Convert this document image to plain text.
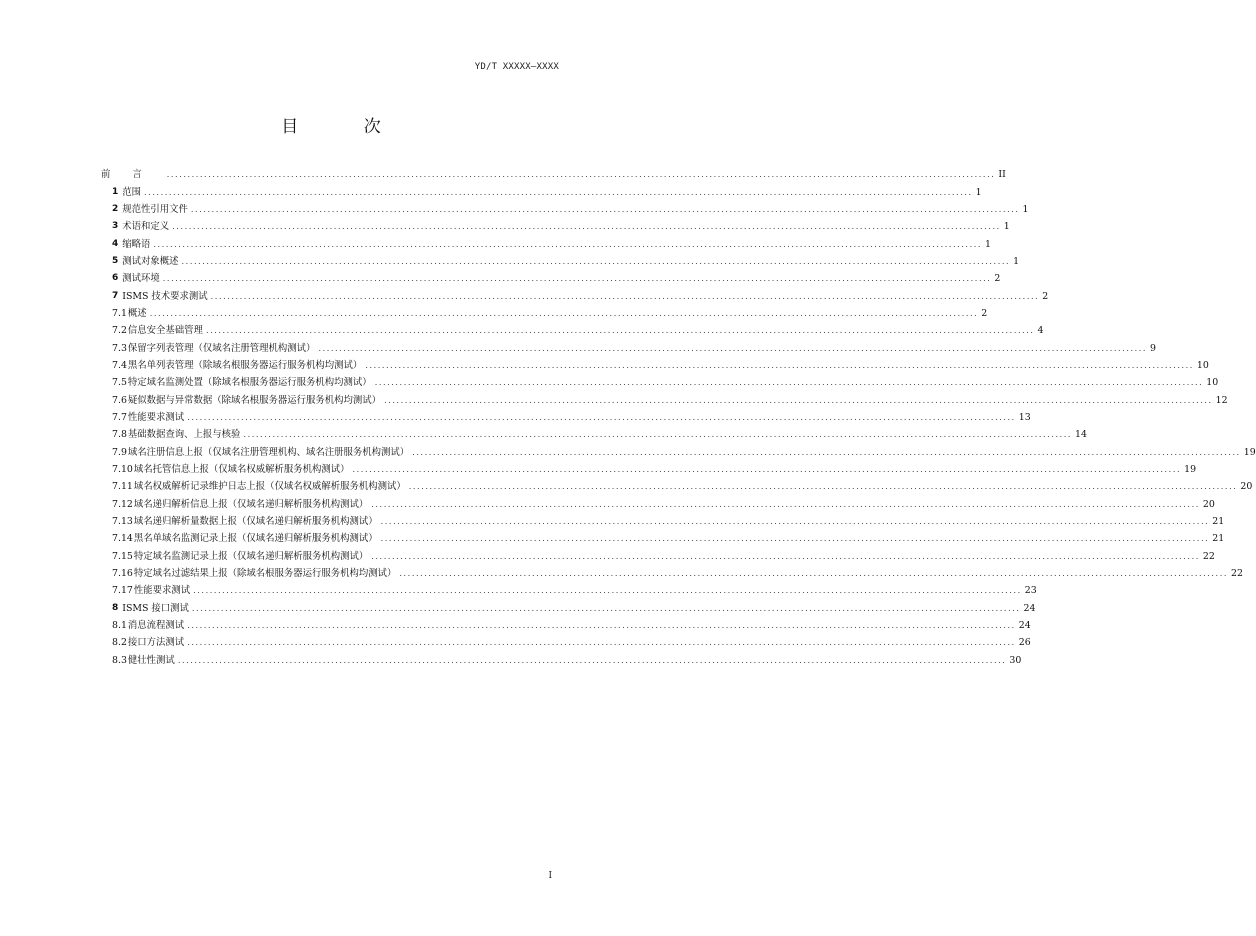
YD/T XXXXX—XXXX
目 次
前言 ........................................................................................................................................................................................................ II
1 范围 ........................................................................................................................................................................................................ 1
2 规范性引用文件 ........................................................................................................................................................................................................ 1
3 术语和定义 ........................................................................................................................................................................................................ 1
4 缩略语 ........................................................................................................................................................................................................ 1
5 测试对象概述 ........................................................................................................................................................................................................ 1
6 测试环境 ........................................................................................................................................................................................................ 2
7 ISMS 技术要求测试 ........................................................................................................................................................................................................ 2
7.1 概述 ........................................................................................................................................................................................................ 2
7.2 信息安全基础管理 ........................................................................................................................................................................................................ 4
7.3 保留字列表管理（仅域名注册管理机构测试） ........................................................................................................................................................................................................ 9
7.4 黑名单列表管理（除域名根服务器运行服务机构均测试） ........................................................................................................................................................................................................ 10
7.5 特定域名监测处置（除域名根服务器运行服务机构均测试） ........................................................................................................................................................................................................ 10
7.6 疑似数据与异常数据（除域名根服务器运行服务机构均测试） ........................................................................................................................................................................................................ 12
7.7 性能要求测试 ........................................................................................................................................................................................................ 13
7.8 基础数据查询、上报与核验 ........................................................................................................................................................................................................ 14
7.9 域名注册信息上报（仅域名注册管理机构、域名注册服务机构测试） ........................................................................................................................................................................................................ 19
7.10 域名托管信息上报（仅域名权威解析服务机构测试） ........................................................................................................................................................................................................ 19
7.11 域名权威解析记录维护日志上报（仅域名权威解析服务机构测试） ........................................................................................................................................................................................................ 20
7.12 域名递归解析信息上报（仅域名递归解析服务机构测试） ........................................................................................................................................................................................................ 20
7.13 域名递归解析量数据上报（仅域名递归解析服务机构测试） ........................................................................................................................................................................................................ 21
7.14 黑名单域名监测记录上报（仅域名递归解析服务机构测试） ........................................................................................................................................................................................................ 21
7.15 特定域名监测记录上报（仅域名递归解析服务机构测试） ........................................................................................................................................................................................................ 22
7.16 特定域名过滤结果上报（除域名根服务器运行服务机构均测试） ........................................................................................................................................................................................................ 22
7.17 性能要求测试 ........................................................................................................................................................................................................ 23
8 ISMS 接口测试 ........................................................................................................................................................................................................ 24
8.1 消息流程测试 ........................................................................................................................................................................................................ 24
8.2 接口方法测试 ........................................................................................................................................................................................................ 26
8.3 健壮性测试 ........................................................................................................................................................................................................ 30
I
